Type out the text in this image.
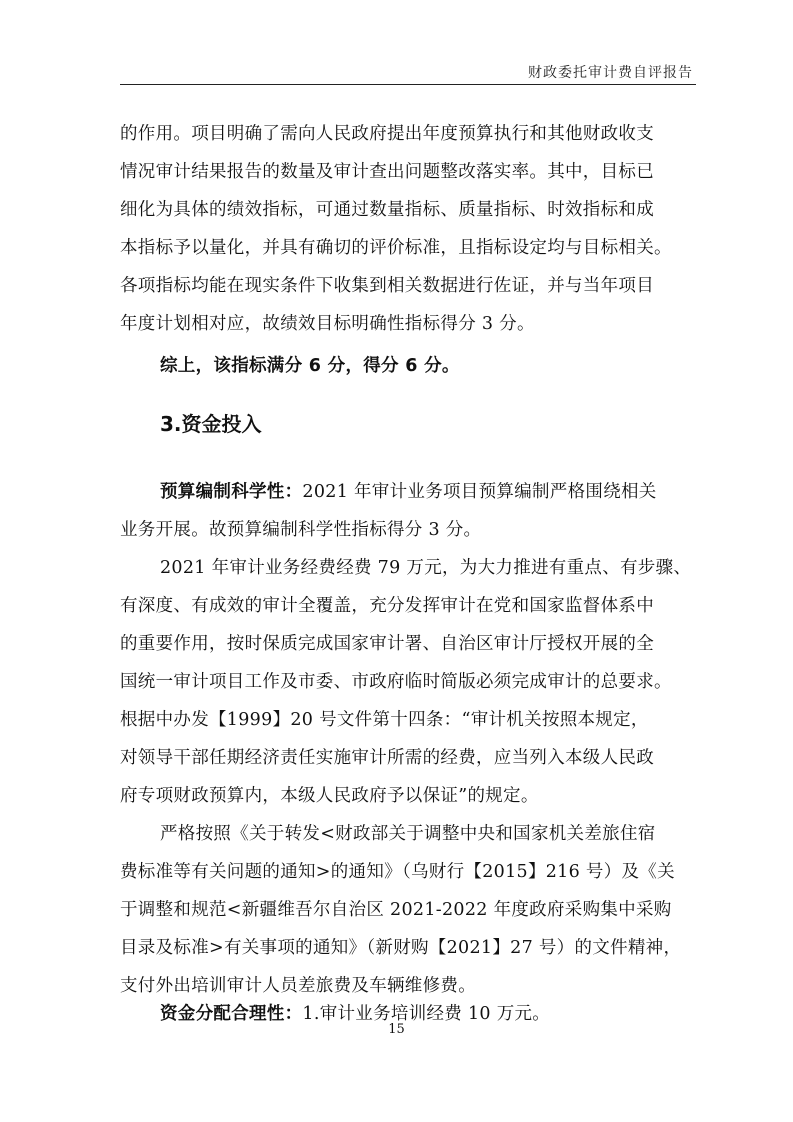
财政委托审计费自评报告
的作用。项目明确了需向人民政府提出年度预算执行和其他财政收支
情况审计结果报告的数量及审计查出问题整改落实率。其中，目标已
细化为具体的绩效指标，可通过数量指标、质量指标、时效指标和成
本指标予以量化，并具有确切的评价标准，且指标设定均与目标相关。
各项指标均能在现实条件下收集到相关数据进行佐证，并与当年项目
年度计划相对应，故绩效目标明确性指标得分 3 分。
综上，该指标满分 6 分，得分 6 分。
3.资金投入
预算编制科学性：2021 年审计业务项目预算编制严格围绕相关
业务开展。故预算编制科学性指标得分 3 分。
2021 年审计业务经费经费 79 万元，为大力推进有重点、有步骤、
有深度、有成效的审计全覆盖，充分发挥审计在党和国家监督体系中
的重要作用，按时保质完成国家审计署、自治区审计厅授权开展的全
国统一审计项目工作及市委、市政府临时简版必须完成审计的总要求。
根据中办发【1999】20 号文件第十四条：“审计机关按照本规定，
对领导干部任期经济责任实施审计所需的经费，应当列入本级人民政
府专项财政预算内，本级人民政府予以保证”的规定。
严格按照《关于转发<财政部关于调整中央和国家机关差旅住宿
费标准等有关问题的通知>的通知》（乌财行【2015】216 号）及《关
于调整和规范<新疆维吾尔自治区 2021-2022 年度政府采购集中采购
目录及标准>有关事项的通知》（新财购【2021】27 号）的文件精神，
支付外出培训审计人员差旅费及车辆维修费。
资金分配合理性：1.审计业务培训经费 10 万元。
15
